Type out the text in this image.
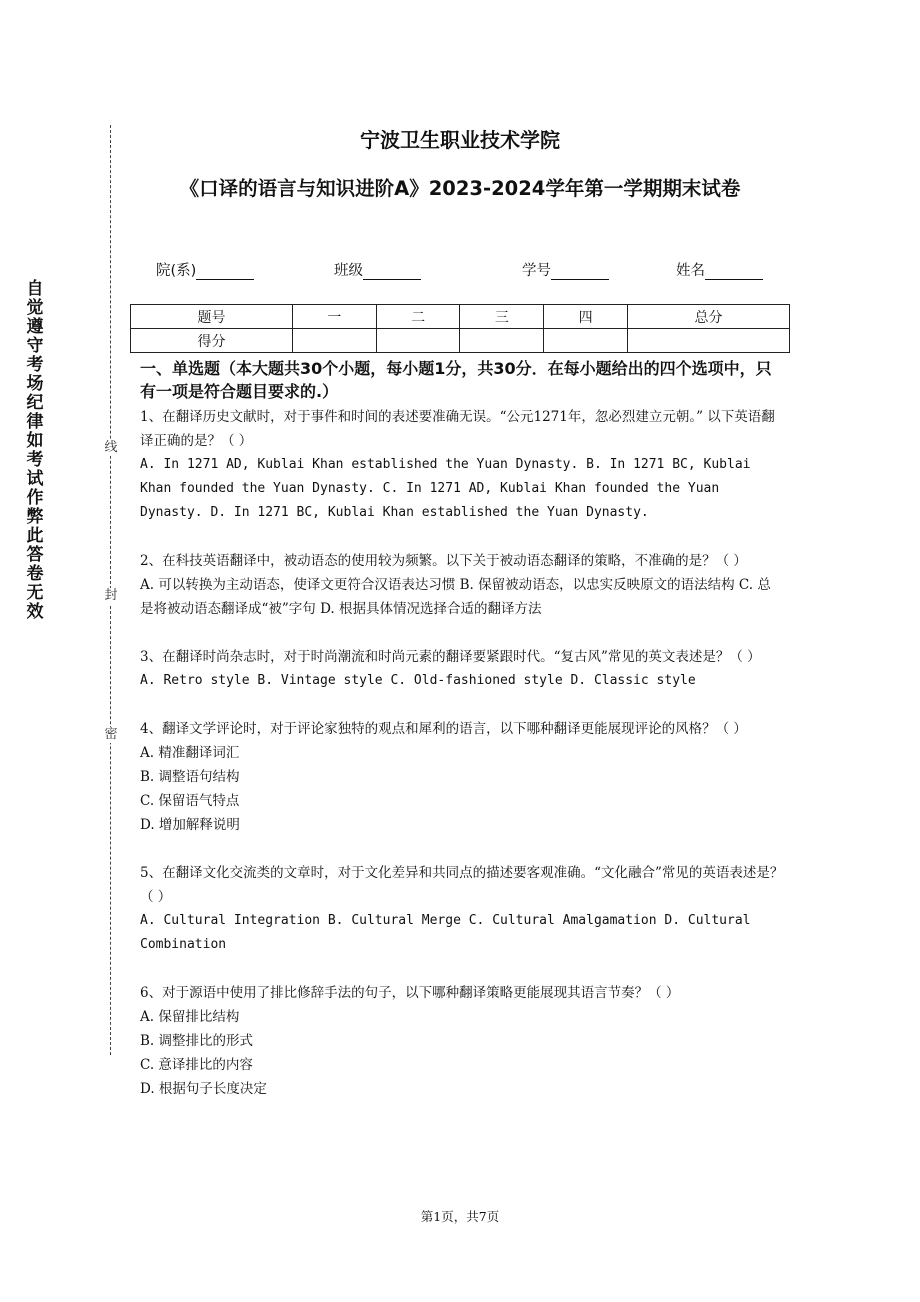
自觉遵守考场纪律如考试作弊此答卷无效
线
封
密
宁波卫生职业技术学院
《口译的语言与知识进阶A》2023-2024学年第一学期期末试卷
院(系)	班级	学号	姓名
题号	一	二	三	四	总分
得分					
一、单选题（本大题共30个小题，每小题1分，共30分．在每小题给出的四个选项中，只有一项是符合题目要求的.）

1、在翻译历史文献时，对于事件和时间的表述要准确无误。“公元1271年，忽必烈建立元朝。” 以下英语翻译正确的是？（ ）

A. In 1271 AD, Kublai Khan established the Yuan Dynasty. B. In 1271 BC, Kublai Khan founded the Yuan Dynasty. C. In 1271 AD, Kublai Khan founded the Yuan Dynasty. D. In 1271 BC, Kublai Khan established the Yuan Dynasty.

2、在科技英语翻译中，被动语态的使用较为频繁。以下关于被动语态翻译的策略，不准确的是？（ ）

A. 可以转换为主动语态，使译文更符合汉语表达习惯 B. 保留被动语态，以忠实反映原文的语法结构 C. 总是将被动语态翻译成“被”字句 D. 根据具体情况选择合适的翻译方法

3、在翻译时尚杂志时，对于时尚潮流和时尚元素的翻译要紧跟时代。“复古风”常见的英文表述是？（ ）

A. Retro style B. Vintage style C. Old-fashioned style D. Classic style

4、翻译文学评论时，对于评论家独特的观点和犀利的语言，以下哪种翻译更能展现评论的风格？（ ）

A. 精准翻译词汇

B. 调整语句结构

C. 保留语气特点

D. 增加解释说明

5、在翻译文化交流类的文章时，对于文化差异和共同点的描述要客观准确。“文化融合”常见的英语表述是？（ ）

A. Cultural Integration B. Cultural Merge C. Cultural Amalgamation D. Cultural Combination

6、对于源语中使用了排比修辞手法的句子，以下哪种翻译策略更能展现其语言节奏？（ ）

A. 保留排比结构

B. 调整排比的形式

C. 意译排比的内容

D. 根据句子长度决定

第1页，共7页
